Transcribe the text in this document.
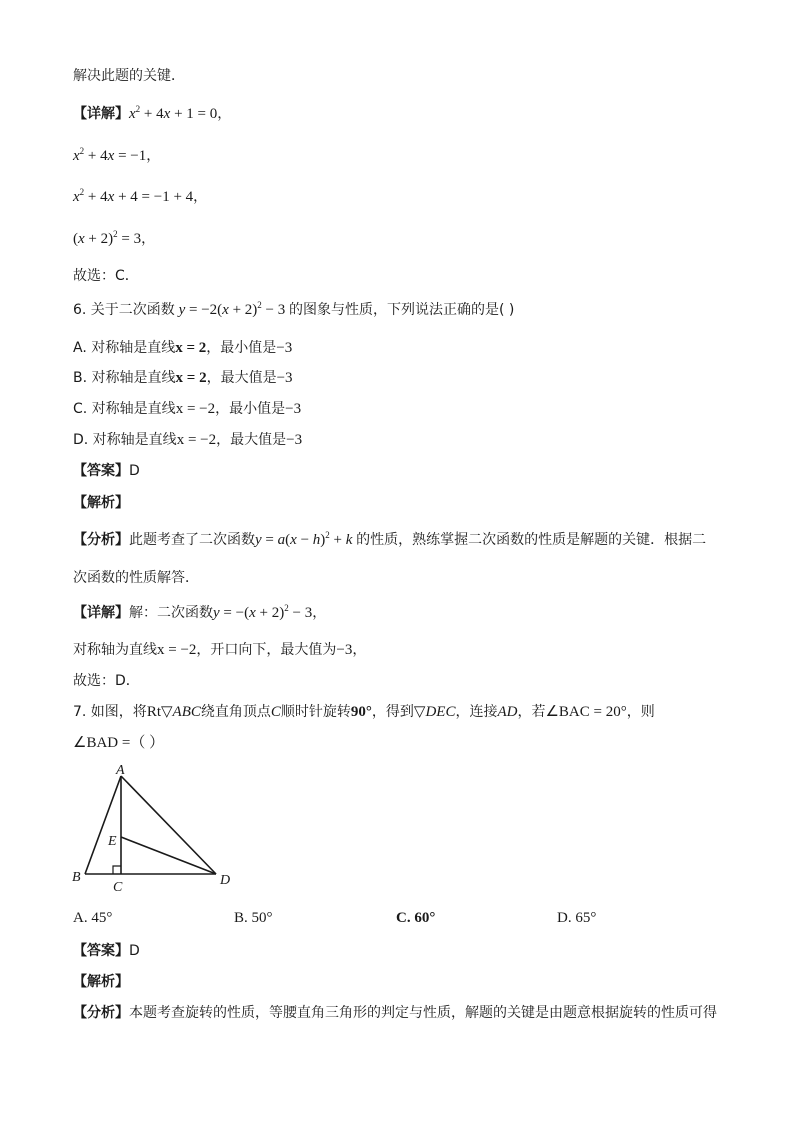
解决此题的关键．
【详解】$x^2 + 4x + 1 = 0$，
$x^2 + 4x = -1$，
$x^2 + 4x + 4 = -1 + 4$，
$(x + 2)^2 = 3$，
故选：C．
6. 关于二次函数 $y = -2(x + 2)^2 - 3$ 的图象与性质，下列说法正确的是( )
A. 对称轴是直线x = 2，最小值是−3
B. 对称轴是直线x = 2，最大值是−3
C. 对称轴是直线x = −2，最小值是−3
D. 对称轴是直线x = −2，最大值是−3
【答案】D
【解析】
【分析】此题考查了二次函数$y = a(x - h)^2 + k$ 的性质，熟练掌握二次函数的性质是解题的关键．根据二
次函数的性质解答．
【详解】解：二次函数$y = -(x + 2)^2 - 3$，
对称轴为直线x = −2，开口向下，最大值为−3，
故选：D．
7. 如图，将Rt▽ABC绕直角顶点C顺时针旋转90°，得到▽DEC，连接AD，若∠BAC = 20°，则
∠BAD =（ ）
A
B
C	D
E
A. 45°	B. 50°	C. 60°	D. 65°
【答案】D
【解析】
【分析】本题考查旋转的性质，等腰直角三角形的判定与性质，解题的关键是由题意根据旋转的性质可得
